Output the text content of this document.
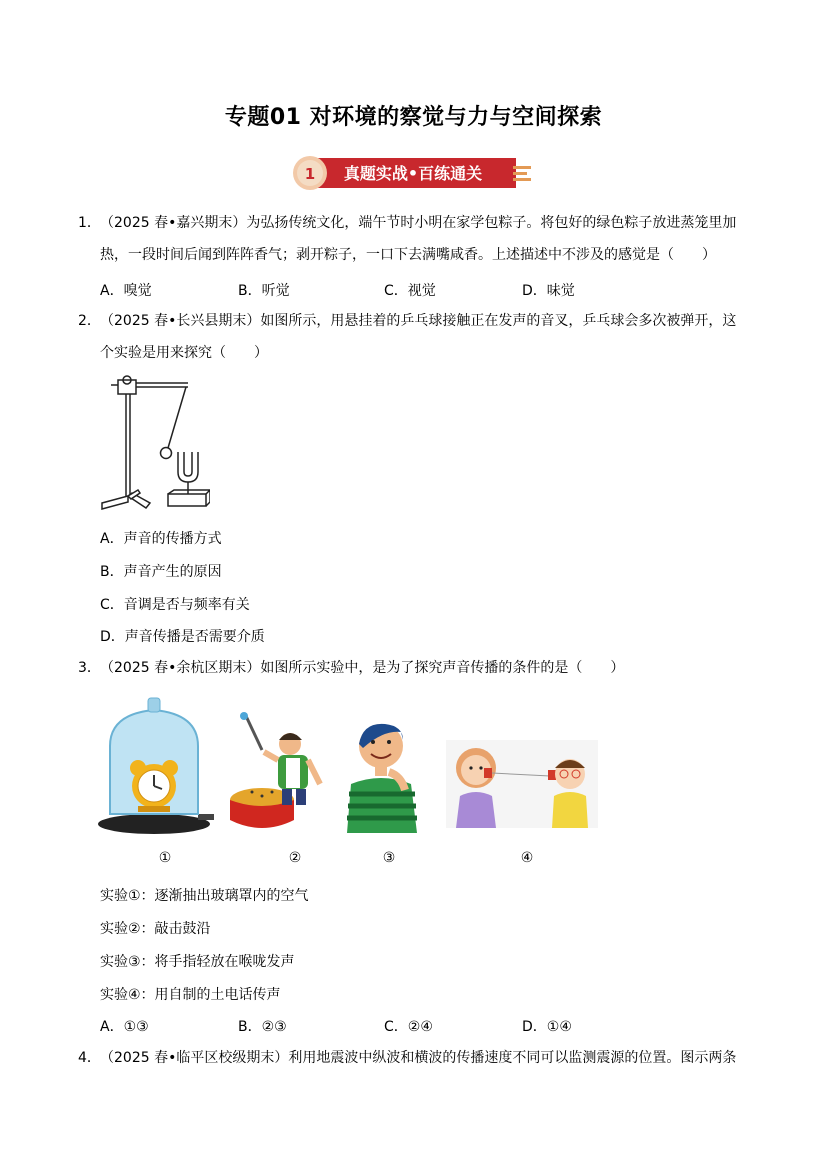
专题01 对环境的察觉与力与空间探索
1 真题实战•百练通关
1．（2025 春•嘉兴期末）为弘扬传统文化，端午节时小明在家学包粽子。将包好的绿色粽子放进蒸笼里加
热，一段时间后闻到阵阵香气；剥开粽子，一口下去满嘴咸香。上述描述中不涉及的感觉是（　　）
A．嗅觉	B．听觉	C．视觉	D．味觉
2．（2025 春•长兴县期末）如图所示，用悬挂着的乒乓球接触正在发声的音叉，乒乓球会多次被弹开，这
个实验是用来探究（　　）
A．声音的传播方式
B．声音产生的原因
C．音调是否与频率有关
D．声音传播是否需要介质
3．（2025 春•余杭区期末）如图所示实验中，是为了探究声音传播的条件的是（　　）
①	②	③	④
实验①：逐渐抽出玻璃罩内的空气
实验②：敲击鼓沿
实验③：将手指轻放在喉咙发声
实验④：用自制的土电话传声
A．①③	B．②③	C．②④	D．①④
4．（2025 春•临平区校级期末）利用地震波中纵波和横波的传播速度不同可以监测震源的位置。图示两条
